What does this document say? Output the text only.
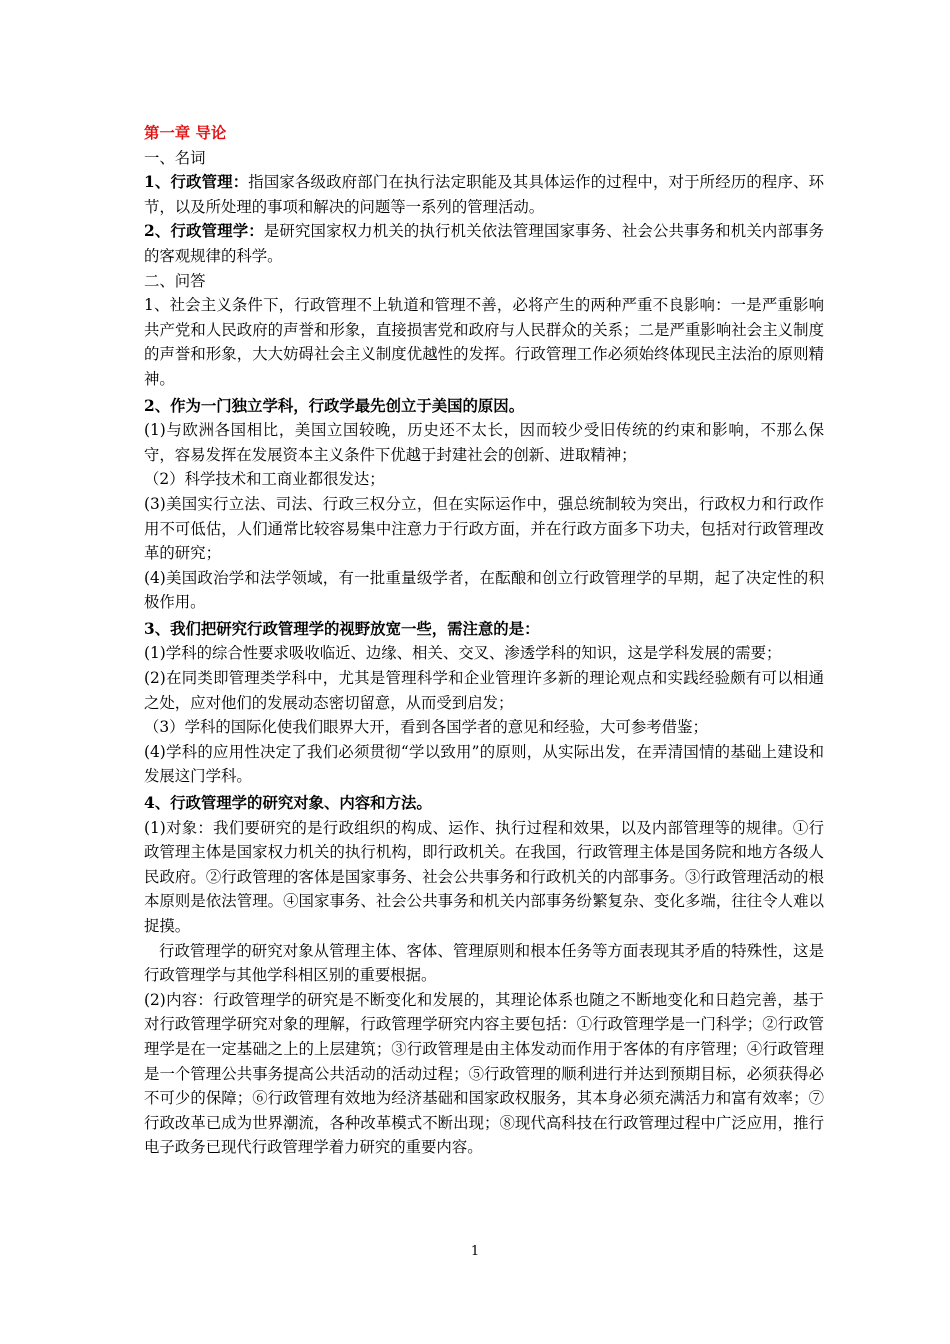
第一章 导论

一、名词

1、行政管理：指国家各级政府部门在执行法定职能及其具体运作的过程中，对于所经历的程序、环节，以及所处理的事项和解决的问题等一系列的管理活动。

2、行政管理学：是研究国家权力机关的执行机关依法管理国家事务、社会公共事务和机关内部事务的客观规律的科学。

二、问答

1、社会主义条件下，行政管理不上轨道和管理不善，必将产生的两种严重不良影响：一是严重影响共产党和人民政府的声誉和形象，直接损害党和政府与人民群众的关系；二是严重影响社会主义制度的声誉和形象，大大妨碍社会主义制度优越性的发挥。行政管理工作必须始终体现民主法治的原则精神。

2、作为一门独立学科，行政学最先创立于美国的原因。

(1)与欧洲各国相比，美国立国较晚，历史还不太长，因而较少受旧传统的约束和影响，不那么保守，容易发挥在发展资本主义条件下优越于封建社会的创新、进取精神；

（2）科学技术和工商业都很发达；

(3)美国实行立法、司法、行政三权分立，但在实际运作中，强总统制较为突出，行政权力和行政作用不可低估，人们通常比较容易集中注意力于行政方面，并在行政方面多下功夫，包括对行政管理改革的研究；

(4)美国政治学和法学领域，有一批重量级学者，在酝酿和创立行政管理学的早期，起了决定性的积极作用。

3、我们把研究行政管理学的视野放宽一些，需注意的是：

(1)学科的综合性要求吸收临近、边缘、相关、交叉、渗透学科的知识，这是学科发展的需要；

(2)在同类即管理类学科中，尤其是管理科学和企业管理许多新的理论观点和实践经验颇有可以相通之处，应对他们的发展动态密切留意，从而受到启发；

（3）学科的国际化使我们眼界大开，看到各国学者的意见和经验，大可参考借鉴；

(4)学科的应用性决定了我们必须贯彻“学以致用”的原则，从实际出发，在弄清国情的基础上建设和发展这门学科。

4、行政管理学的研究对象、内容和方法。

(1)对象：我们要研究的是行政组织的构成、运作、执行过程和效果，以及内部管理等的规律。①行政管理主体是国家权力机关的执行机构，即行政机关。在我国，行政管理主体是国务院和地方各级人民政府。②行政管理的客体是国家事务、社会公共事务和行政机关的内部事务。③行政管理活动的根本原则是依法管理。④国家事务、社会公共事务和机关内部事务纷繁复杂、变化多端，往往令人难以捉摸。

行政管理学的研究对象从管理主体、客体、管理原则和根本任务等方面表现其矛盾的特殊性，这是行政管理学与其他学科相区别的重要根据。

(2)内容：行政管理学的研究是不断变化和发展的，其理论体系也随之不断地变化和日趋完善，基于对行政管理学研究对象的理解，行政管理学研究内容主要包括：①行政管理学是一门科学；②行政管理学是在一定基础之上的上层建筑；③行政管理是由主体发动而作用于客体的有序管理；④行政管理是一个管理公共事务提高公共活动的活动过程；⑤行政管理的顺利进行并达到预期目标，必须获得必不可少的保障；⑥行政管理有效地为经济基础和国家政权服务，其本身必须充满活力和富有效率；⑦行政改革已成为世界潮流，各种改革模式不断出现；⑧现代高科技在行政管理过程中广泛应用，推行电子政务已现代行政管理学着力研究的重要内容。

1
